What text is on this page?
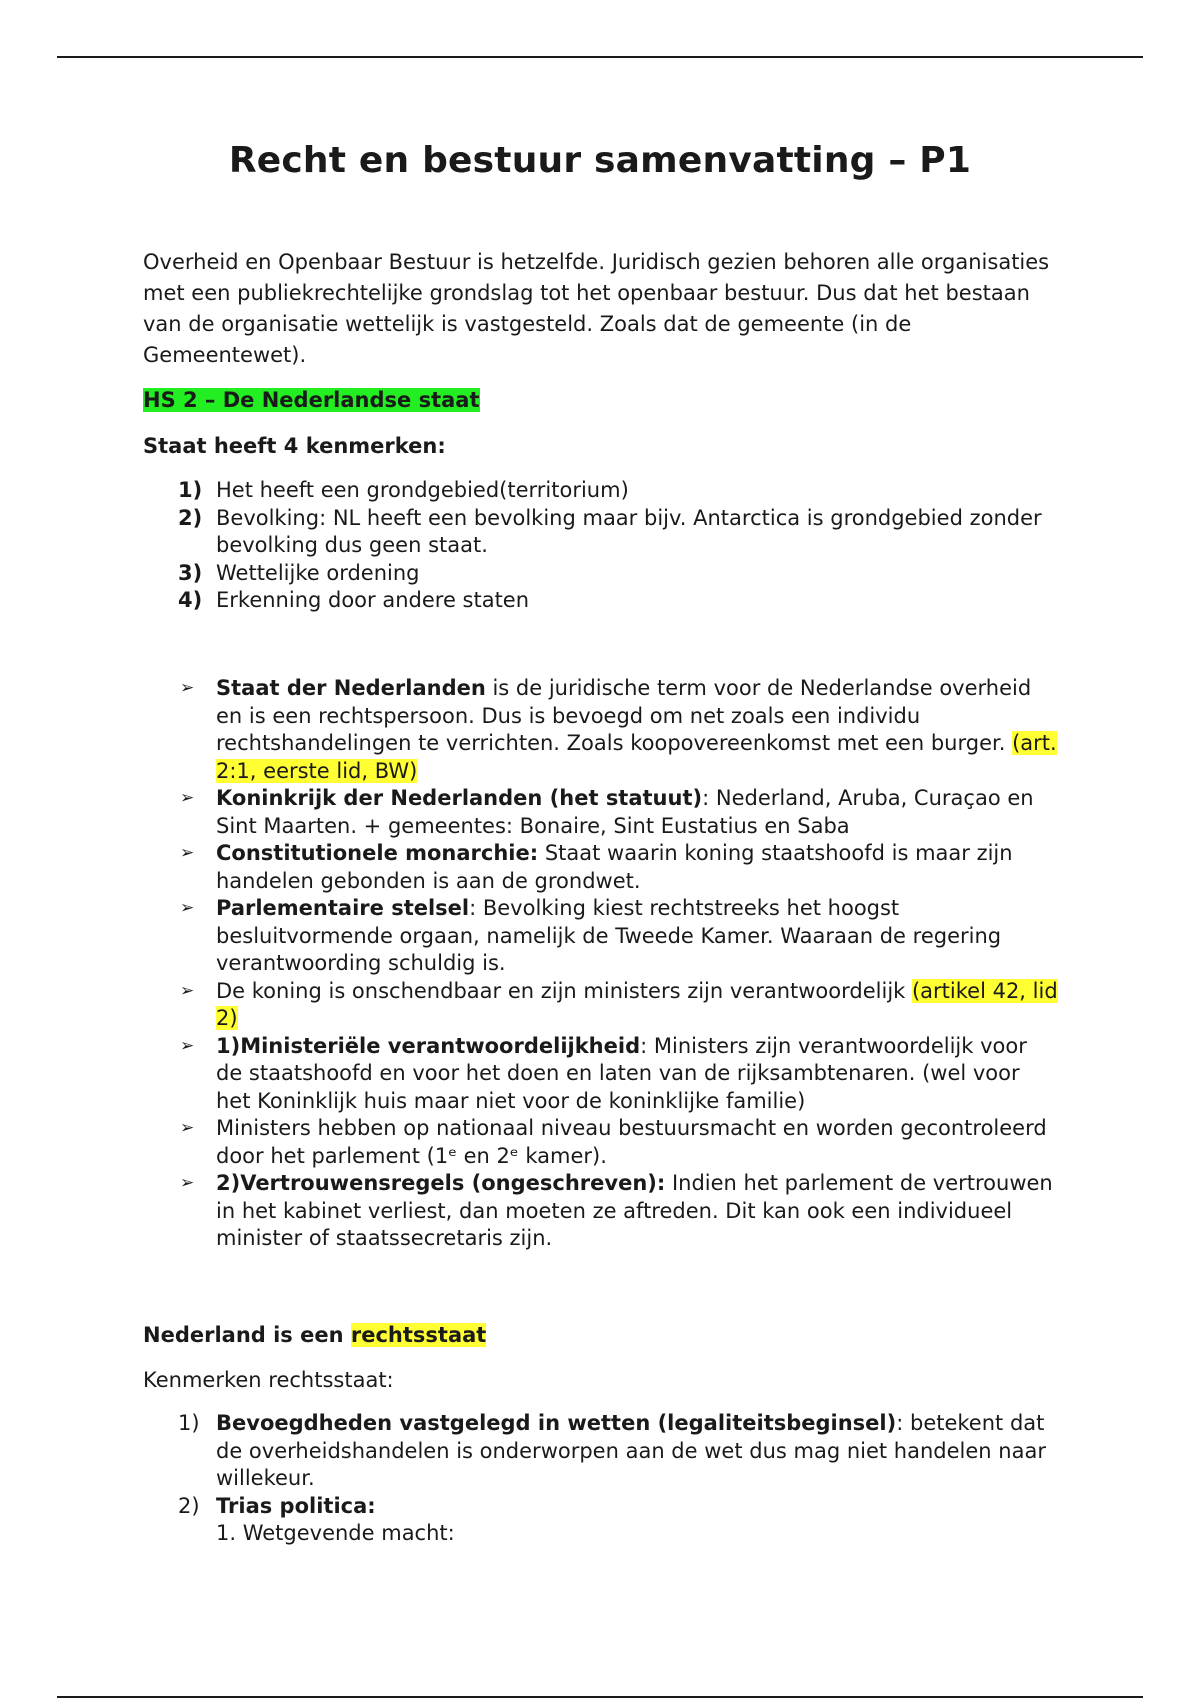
Recht en bestuur samenvatting – P1

Overheid en Openbaar Bestuur is hetzelfde. Juridisch gezien behoren alle organisaties met een publiekrechtelijke grondslag tot het openbaar bestuur. Dus dat het bestaan van de organisatie wettelijk is vastgesteld. Zoals dat de gemeente (in de Gemeentewet).

HS 2 – De Nederlandse staat
Staat heeft 4 kenmerken:
1) Het heeft een grondgebied(territorium)
2) Bevolking: NL heeft een bevolking maar bijv. Antarctica is grondgebied zonder bevolking dus geen staat.
3) Wettelijke ordening
4) Erkenning door andere staten
➢ Staat der Nederlanden is de juridische term voor de Nederlandse overheid en is een rechtspersoon. Dus is bevoegd om net zoals een individu rechtshandelingen te verrichten. Zoals koopovereenkomst met een burger. (art. 2:1, eerste lid, BW)
➢ Koninkrijk der Nederlanden (het statuut): Nederland, Aruba, Curaçao en Sint Maarten. + gemeentes: Bonaire, Sint Eustatius en Saba
➢ Constitutionele monarchie: Staat waarin koning staatshoofd is maar zijn handelen gebonden is aan de grondwet.
➢ Parlementaire stelsel: Bevolking kiest rechtstreeks het hoogst besluitvormende orgaan, namelijk de Tweede Kamer. Waaraan de regering verantwoording schuldig is.
➢ De koning is onschendbaar en zijn ministers zijn verantwoordelijk (artikel 42, lid 2)
➢ 1)Ministeriële verantwoordelijkheid: Ministers zijn verantwoordelijk voor de staatshoofd en voor het doen en laten van de rijksambtenaren. (wel voor het Koninklijk huis maar niet voor de koninklijke familie)
➢ Ministers hebben op nationaal niveau bestuursmacht en worden gecontroleerd door het parlement (1ᵉ en 2ᵉ kamer).
➢ 2)Vertrouwensregels (ongeschreven): Indien het parlement de vertrouwen in het kabinet verliest, dan moeten ze aftreden. Dit kan ook een individueel minister of staatssecretaris zijn.
Nederland is een rechtsstaat
Kenmerken rechtsstaat:
1) Bevoegdheden vastgelegd in wetten (legaliteitsbeginsel): betekent dat de overheidshandelen is onderworpen aan de wet dus mag niet handelen naar willekeur.
2) Trias politica:
1. Wetgevende macht:
